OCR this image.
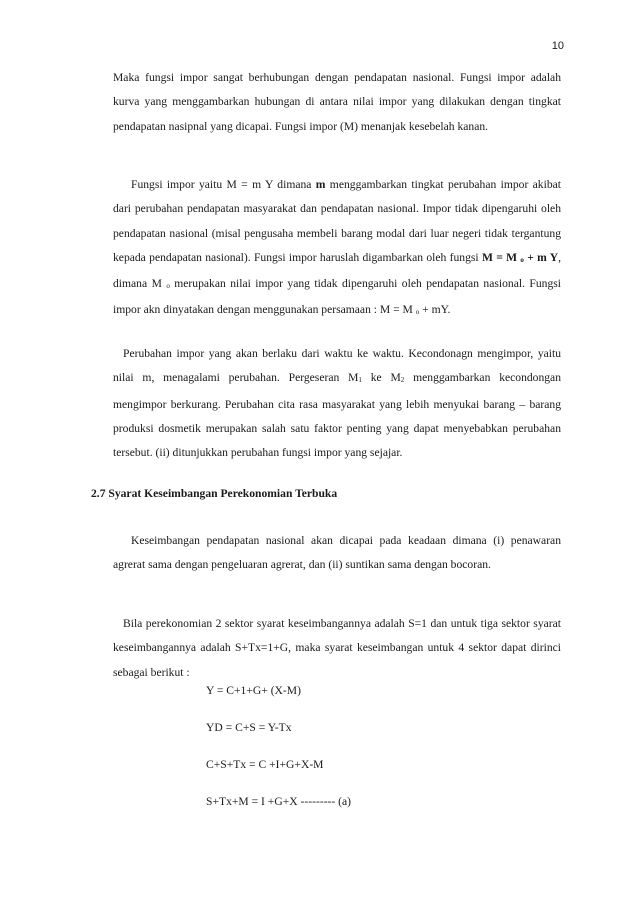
10

Maka fungsi impor sangat berhubungan dengan pendapatan nasional. Fungsi impor adalah kurva yang menggambarkan hubungan di antara nilai impor yang dilakukan dengan tingkat pendapatan nasipnal yang dicapai. Fungsi impor (M) menanjak kesebelah kanan.

Fungsi impor yaitu M = m Y dimana m menggambarkan tingkat perubahan impor akibat dari perubahan pendapatan masyarakat dan pendapatan nasional. Impor tidak dipengaruhi oleh pendapatan nasional (misal pengusaha membeli barang modal dari luar negeri tidak tergantung kepada pendapatan nasional). Fungsi impor haruslah digambarkan oleh fungsi M = M $_o$ + m Y, dimana M $_o$ merupakan nilai impor yang tidak dipengaruhi oleh pendapatan nasional. Fungsi impor akn dinyatakan dengan menggunakan persamaan : M = M $_o$ + mY.

Perubahan impor yang akan berlaku dari waktu ke waktu. Kecondonagn mengimpor, yaitu nilai m, menagalami perubahan. Pergeseran $M_1$ ke $M_2$ menggambarkan kecondongan mengimpor berkurang. Perubahan cita rasa masyarakat yang lebih menyukai barang – barang produksi dosmetik merupakan salah satu faktor penting yang dapat menyebabkan perubahan tersebut. (ii) ditunjukkan perubahan fungsi impor yang sejajar.

2.7 Syarat Keseimbangan Perekonomian Terbuka

Keseimbangan pendapatan nasional akan dicapai pada keadaan dimana (i) penawaran agrerat sama dengan pengeluaran agrerat, dan (ii) suntikan sama dengan bocoran.

Bila perekonomian 2 sektor syarat keseimbangannya adalah S=1 dan untuk tiga sektor syarat keseimbangannya adalah S+Tx=1+G, maka syarat keseimbangan untuk 4 sektor dapat dirinci sebagai berikut :

Y = C+1+G+ (X-M)

YD = C+S = Y-Tx

C+S+Tx = C +I+G+X-M

S+Tx+M = I +G+X --------- (a)
